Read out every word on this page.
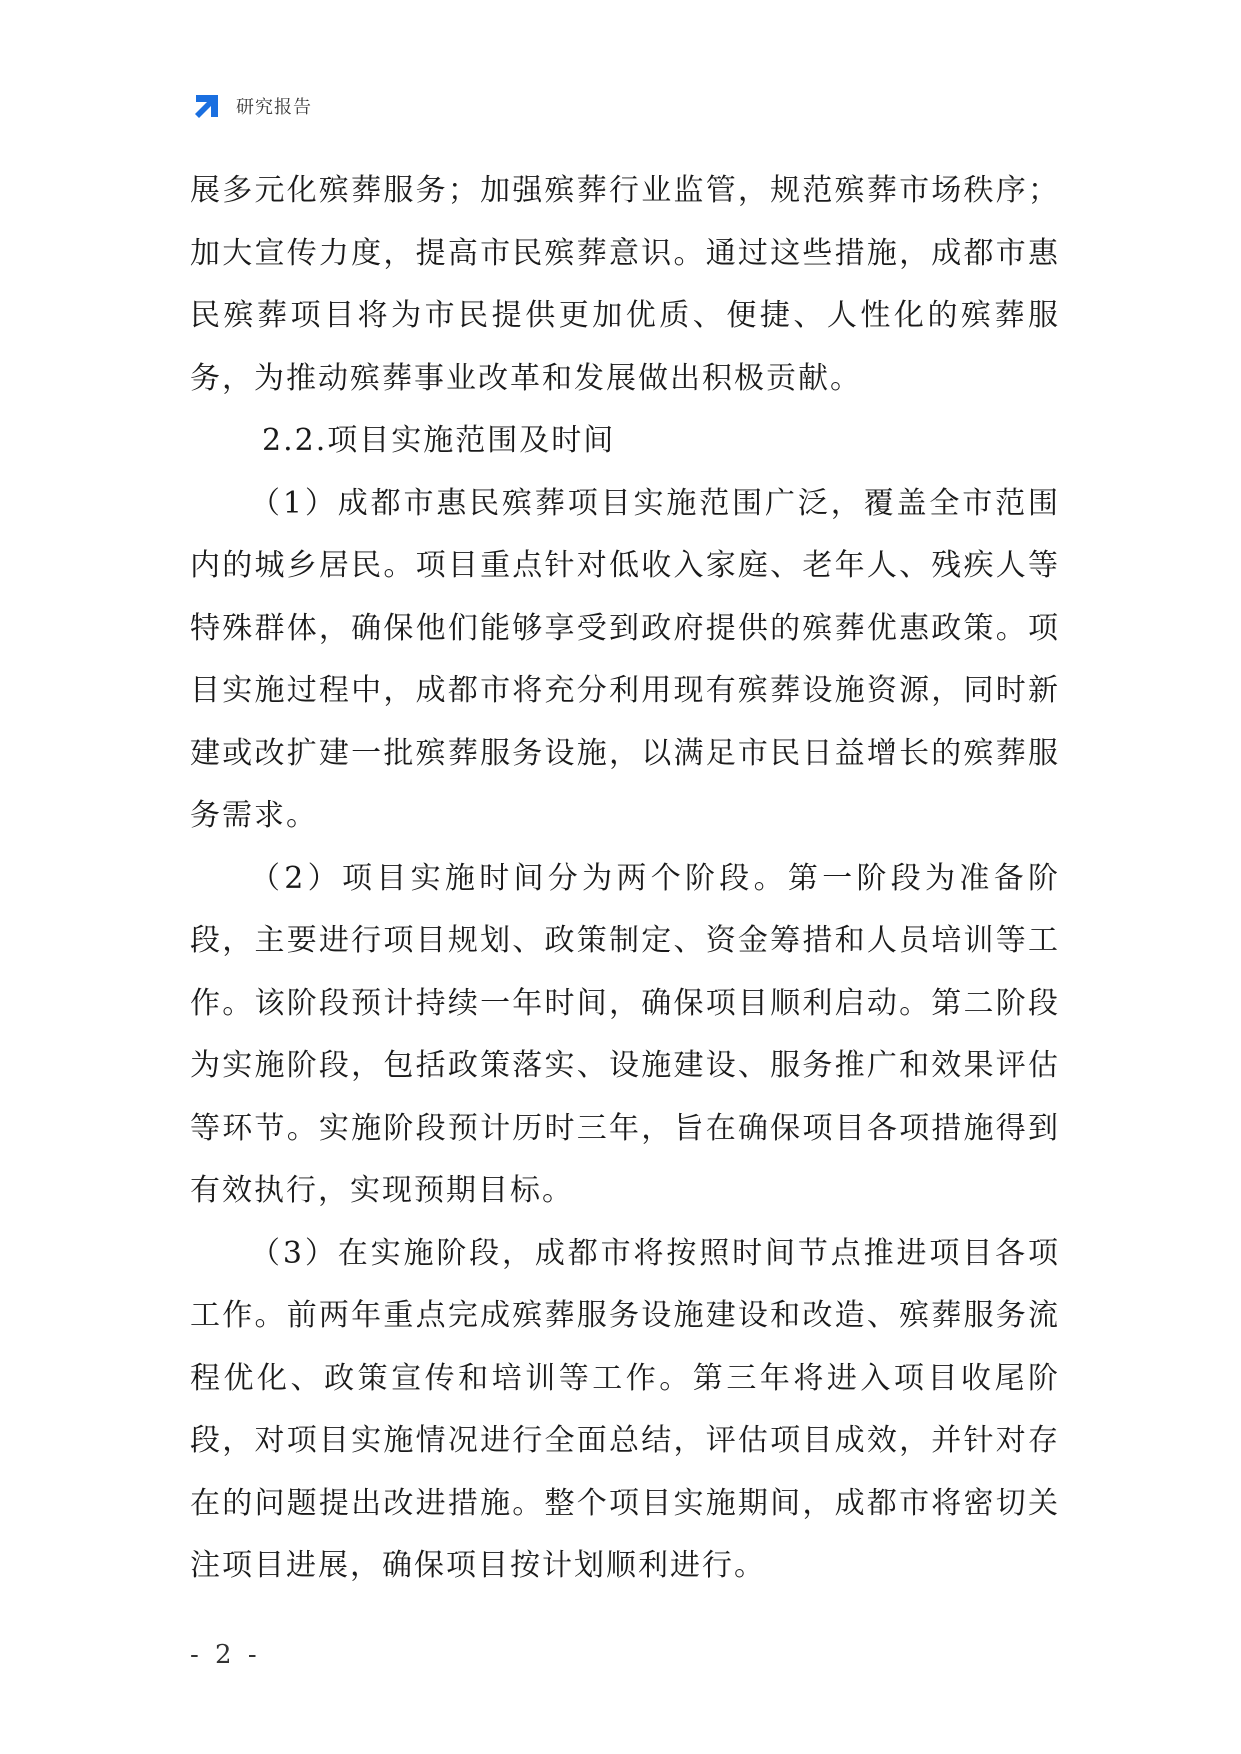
研究报告

展多元化殡葬服务；加强殡葬行业监管，规范殡葬市场秩序；加大宣传力度，提高市民殡葬意识。通过这些措施，成都市惠民殡葬项目将为市民提供更加优质、便捷、人性化的殡葬服务，为推动殡葬事业改革和发展做出积极贡献。

2.2.项目实施范围及时间

（1）成都市惠民殡葬项目实施范围广泛，覆盖全市范围内的城乡居民。项目重点针对低收入家庭、老年人、残疾人等特殊群体，确保他们能够享受到政府提供的殡葬优惠政策。项目实施过程中，成都市将充分利用现有殡葬设施资源，同时新建或改扩建一批殡葬服务设施，以满足市民日益增长的殡葬服务需求。

（2）项目实施时间分为两个阶段。第一阶段为准备阶段，主要进行项目规划、政策制定、资金筹措和人员培训等工作。该阶段预计持续一年时间，确保项目顺利启动。第二阶段为实施阶段，包括政策落实、设施建设、服务推广和效果评估等环节。实施阶段预计历时三年，旨在确保项目各项措施得到有效执行，实现预期目标。

（3）在实施阶段，成都市将按照时间节点推进项目各项工作。前两年重点完成殡葬服务设施建设和改造、殡葬服务流程优化、政策宣传和培训等工作。第三年将进入项目收尾阶段，对项目实施情况进行全面总结，评估项目成效，并针对存在的问题提出改进措施。整个项目实施期间，成都市将密切关注项目进展，确保项目按计划顺利进行。

- 2 -
